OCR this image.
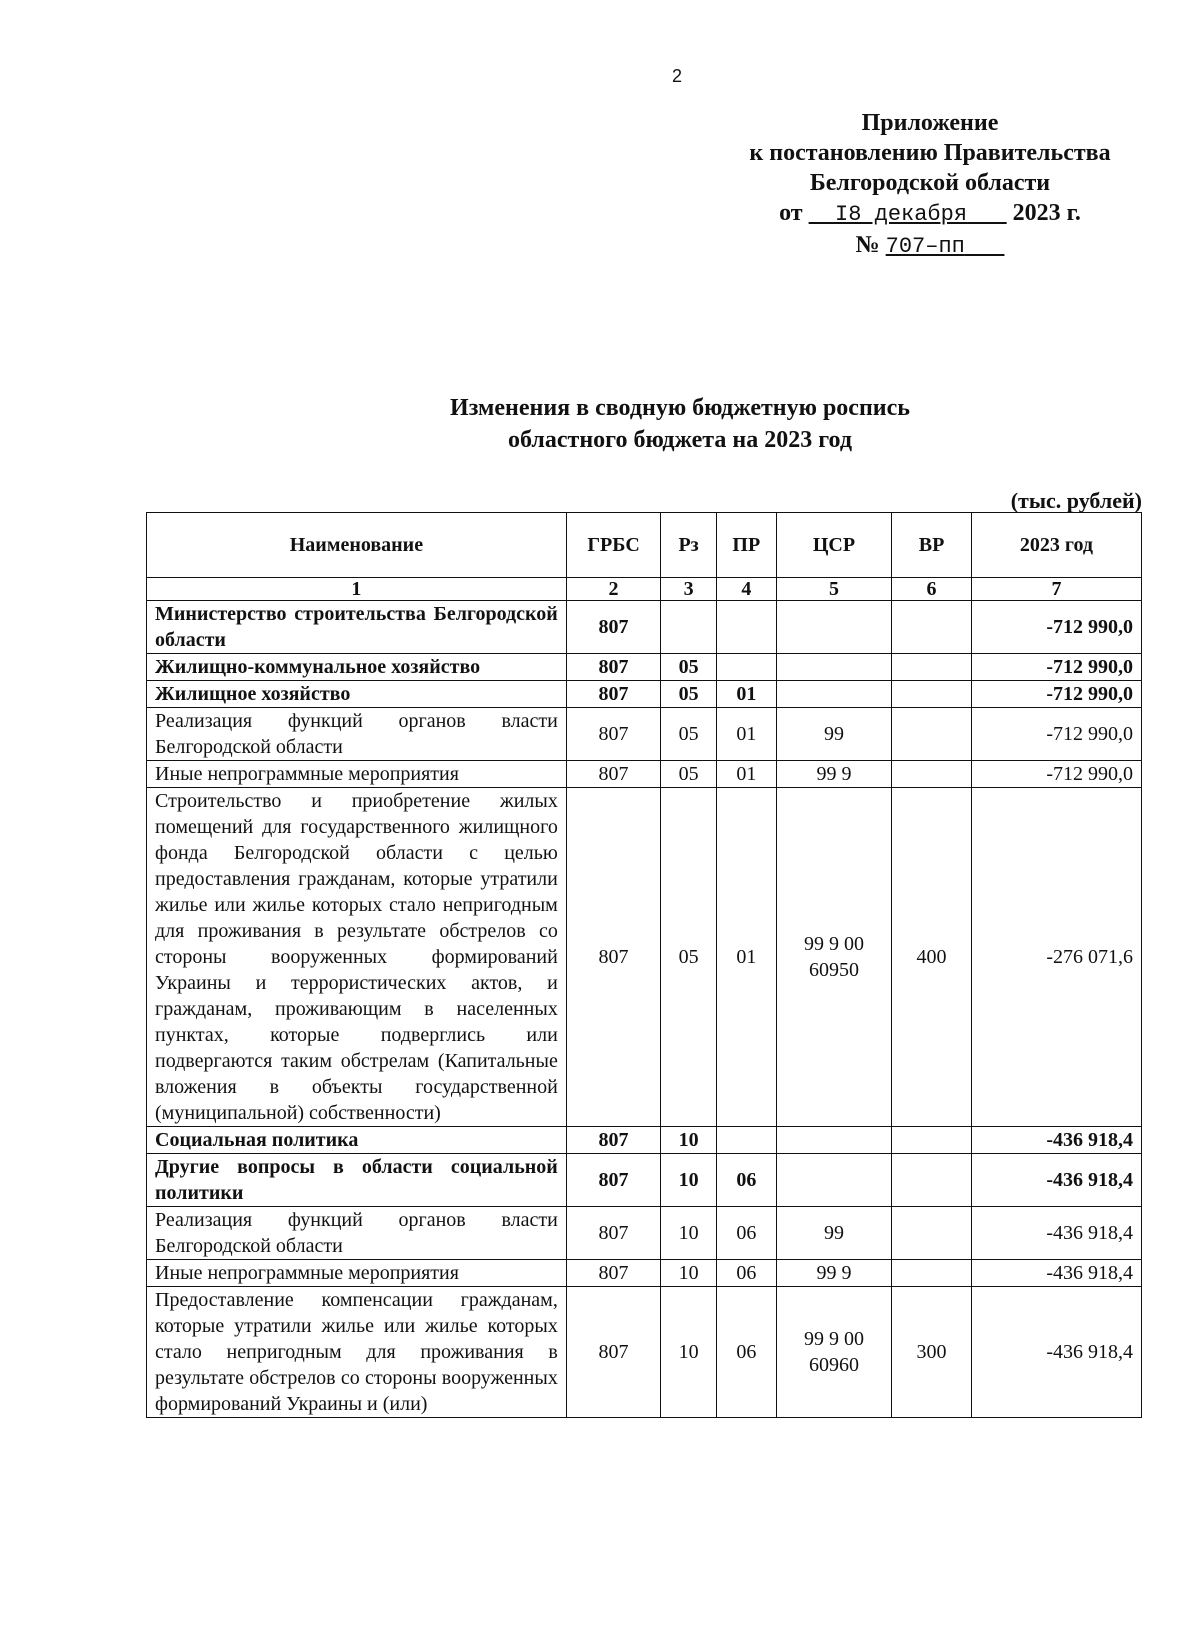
2
Приложение
к постановлению Правительства
Белгородской области
от I8 декабря 2023 г.
№ 707–пп
Изменения в сводную бюджетную роспись
областного бюджета на 2023 год
(тыс. рублей)
Наименование	ГРБС	Рз	ПР	ЦСР	ВР	2023 год
1	2	3	4	5	6	7
Министерство строительства Белгородской области	807					-712 990,0
Жилищно-коммунальное хозяйство	807	05				-712 990,0
Жилищное хозяйство	807	05	01			-712 990,0
Реализация функций органов власти Белгородской области	807	05	01	99		-712 990,0
Иные непрограммные мероприятия	807	05	01	99 9		-712 990,0
Строительство и приобретение жилых помещений для государственного жилищного фонда Белгородской области с целью предоставления гражданам, которые утратили жилье или жилье которых стало непригодным для проживания в результате обстрелов со стороны вооруженных формирований Украины и террористических актов, и гражданам, проживающим в населенных пунктах, которые подверглись или подвергаются таким обстрелам (Капитальные вложения в объекты государственной (муниципальной) собственности)	807	05	01	99 9 00 60950	400	-276 071,6
Социальная политика	807	10				-436 918,4
Другие вопросы в области социальной политики	807	10	06			-436 918,4
Реализация функций органов власти Белгородской области	807	10	06	99		-436 918,4
Иные непрограммные мероприятия	807	10	06	99 9		-436 918,4
Предоставление компенсации гражданам, которые утратили жилье или жилье которых стало непригодным для проживания в результате обстрелов со стороны вооруженных формирований Украины и (или)	807	10	06	99 9 00 60960	300	-436 918,4
